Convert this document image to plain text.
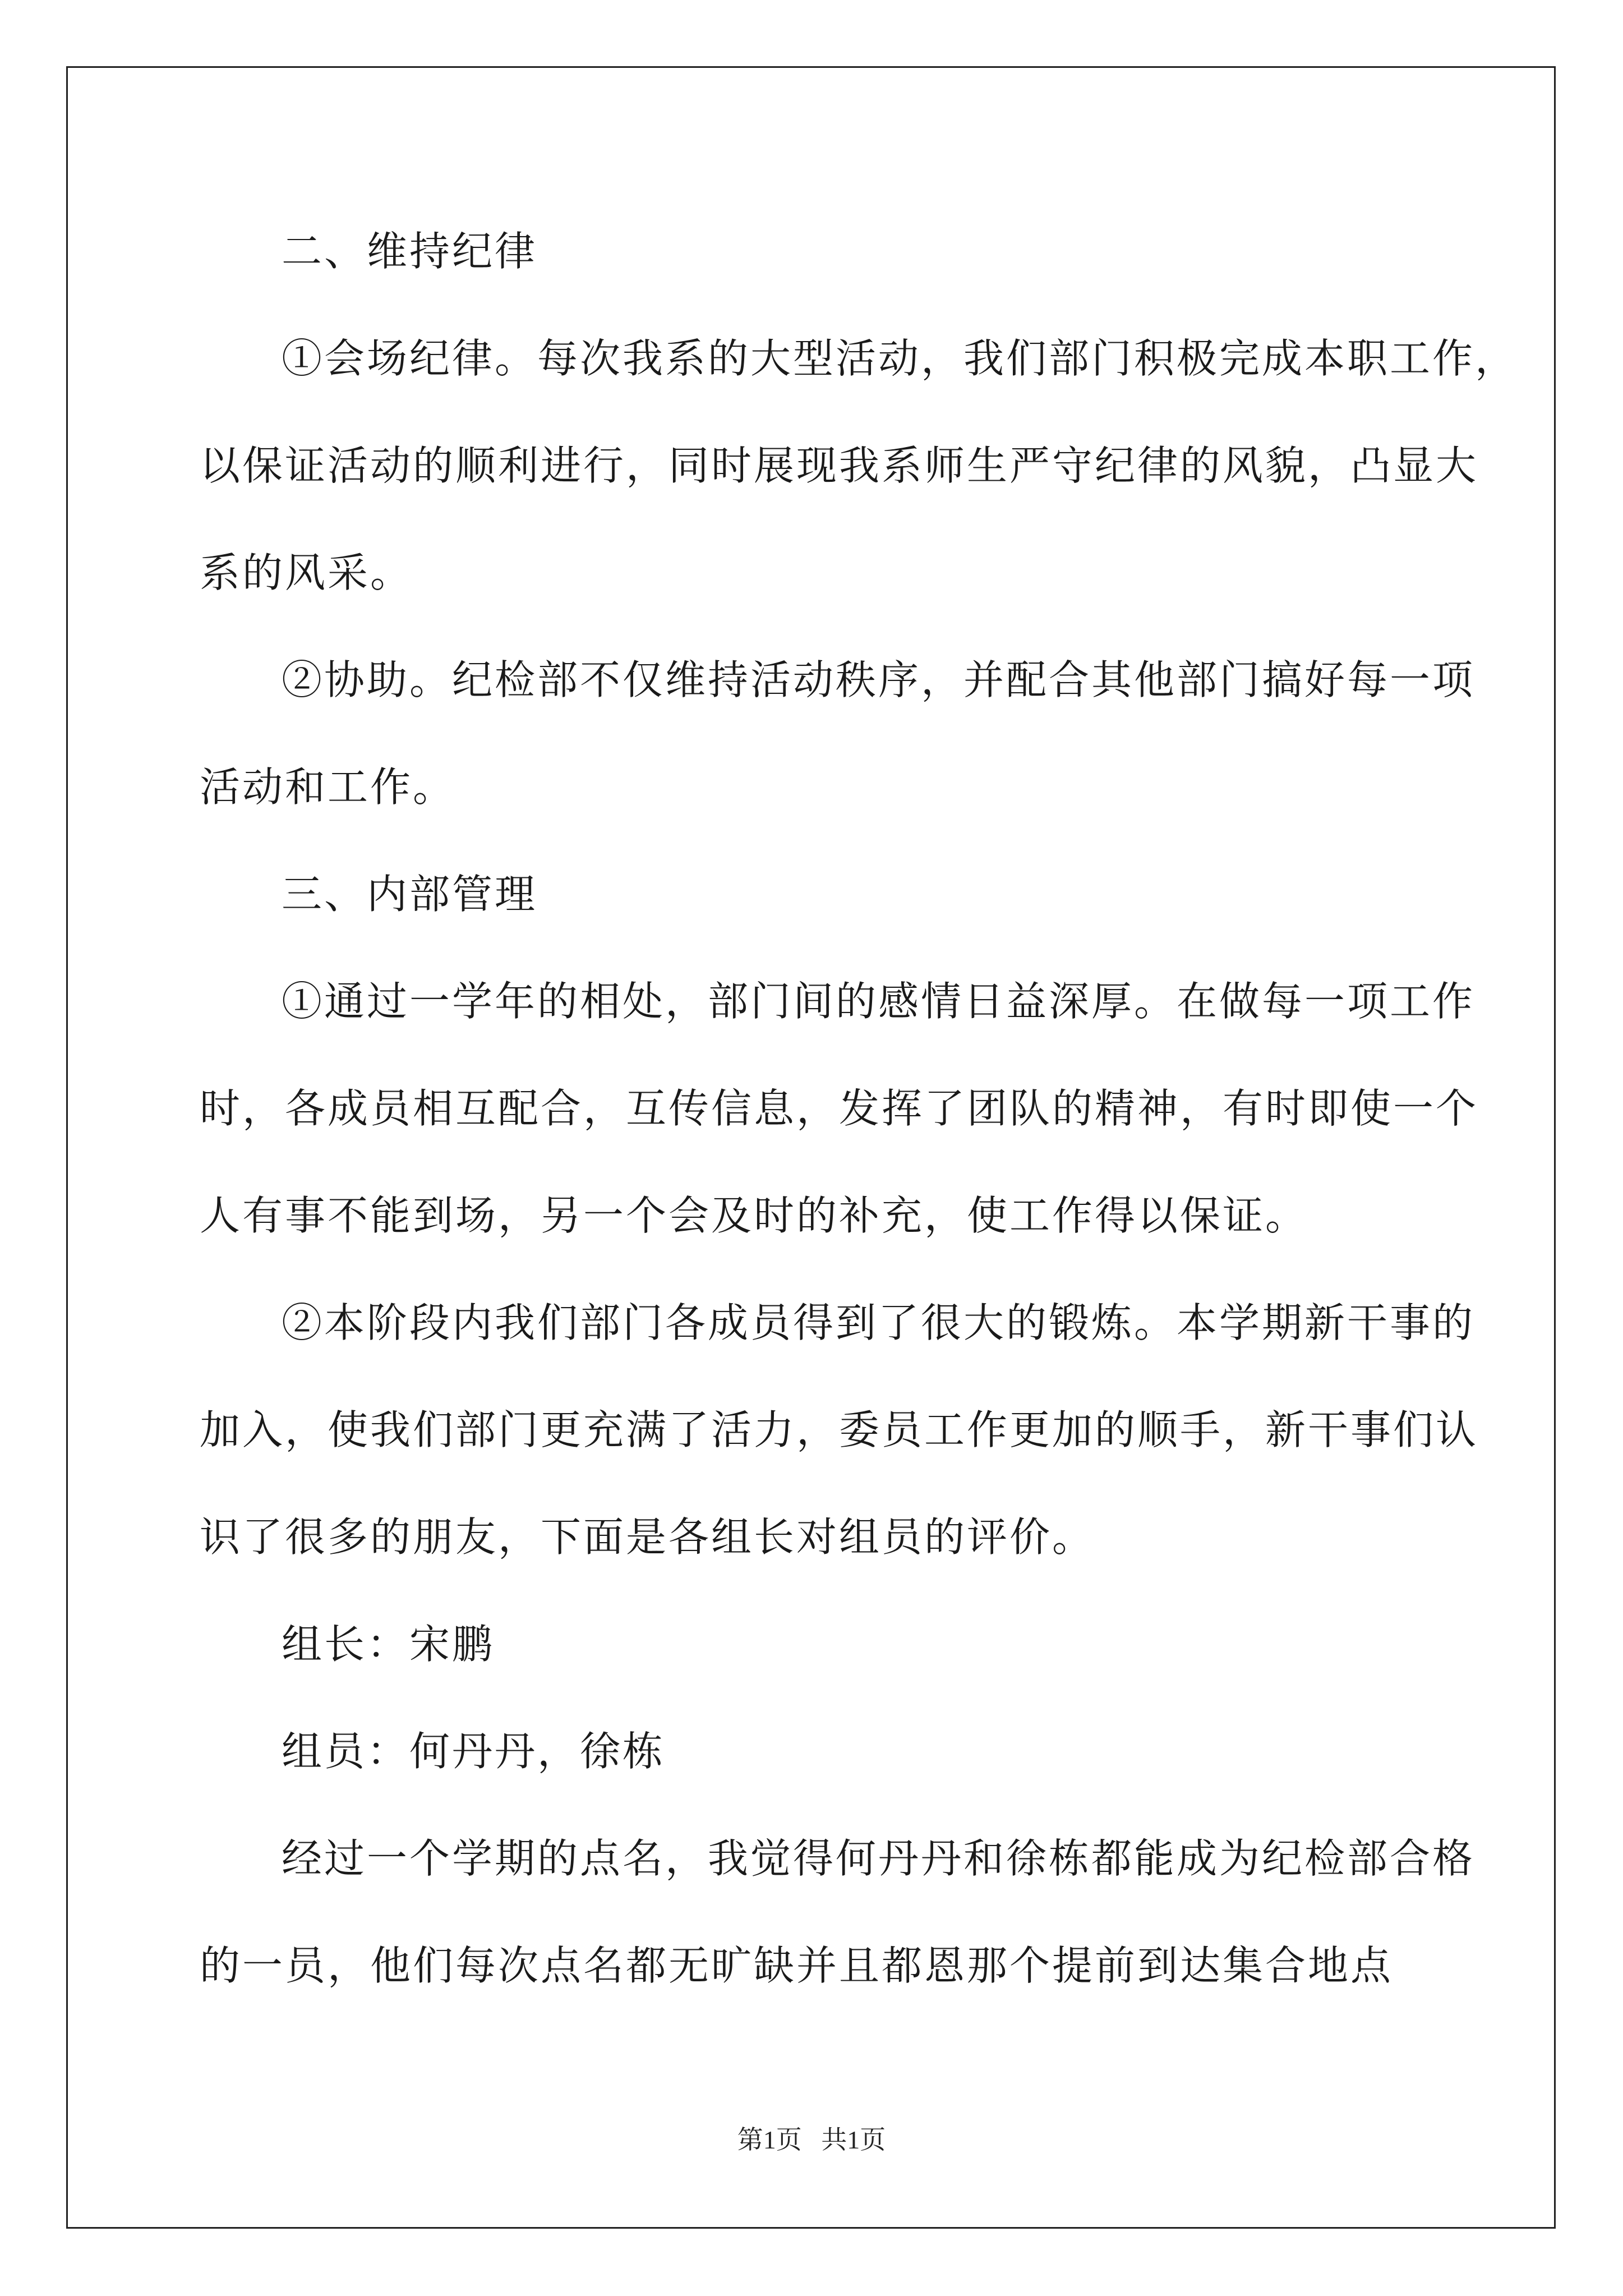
二、维持纪律
①会场纪律。每次我系的大型活动，我们部门积极完成本职工作，
以保证活动的顺利进行，同时展现我系师生严守纪律的风貌，凸显大
系的风采。
②协助。纪检部不仅维持活动秩序，并配合其他部门搞好每一项
活动和工作。
三、内部管理
①通过一学年的相处，部门间的感情日益深厚。在做每一项工作
时，各成员相互配合，互传信息，发挥了团队的精神，有时即使一个
人有事不能到场，另一个会及时的补充，使工作得以保证。
②本阶段内我们部门各成员得到了很大的锻炼。本学期新干事的
加入，使我们部门更充满了活力，委员工作更加的顺手，新干事们认
识了很多的朋友，下面是各组长对组员的评价。
组长：宋鹏
组员：何丹丹，徐栋
经过一个学期的点名，我觉得何丹丹和徐栋都能成为纪检部合格
的一员，他们每次点名都无旷缺并且都恩那个提前到达集合地点
第1页   共1页
